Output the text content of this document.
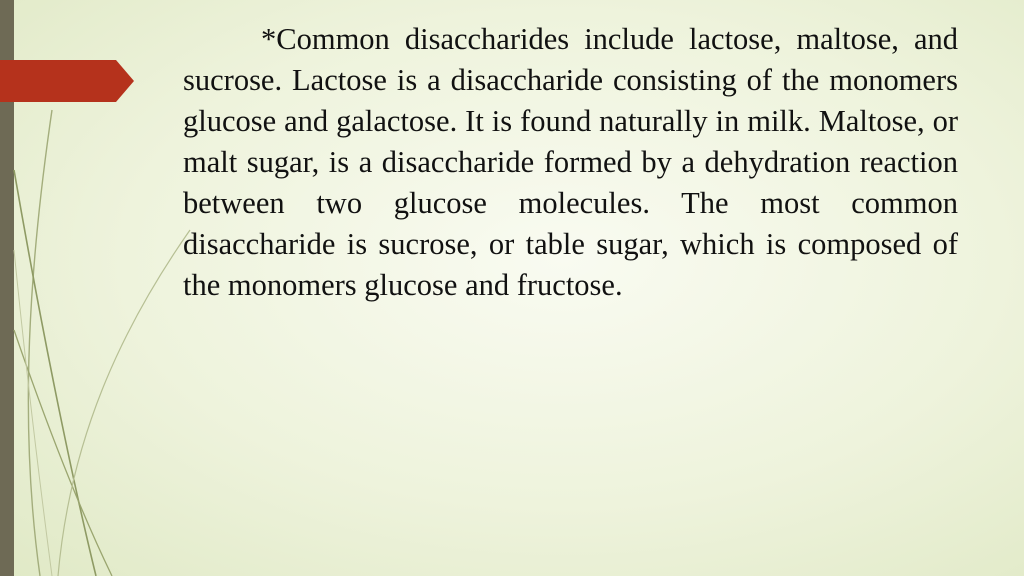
*Common disaccharides include lactose, maltose, and sucrose. Lactose is a disaccharide consisting of the monomers glucose and galactose. It is found naturally in milk. Maltose, or malt sugar, is a disaccharide formed by a dehydration reaction between two glucose molecules. The most common disaccharide is sucrose, or table sugar, which is composed of the monomers glucose and fructose.
